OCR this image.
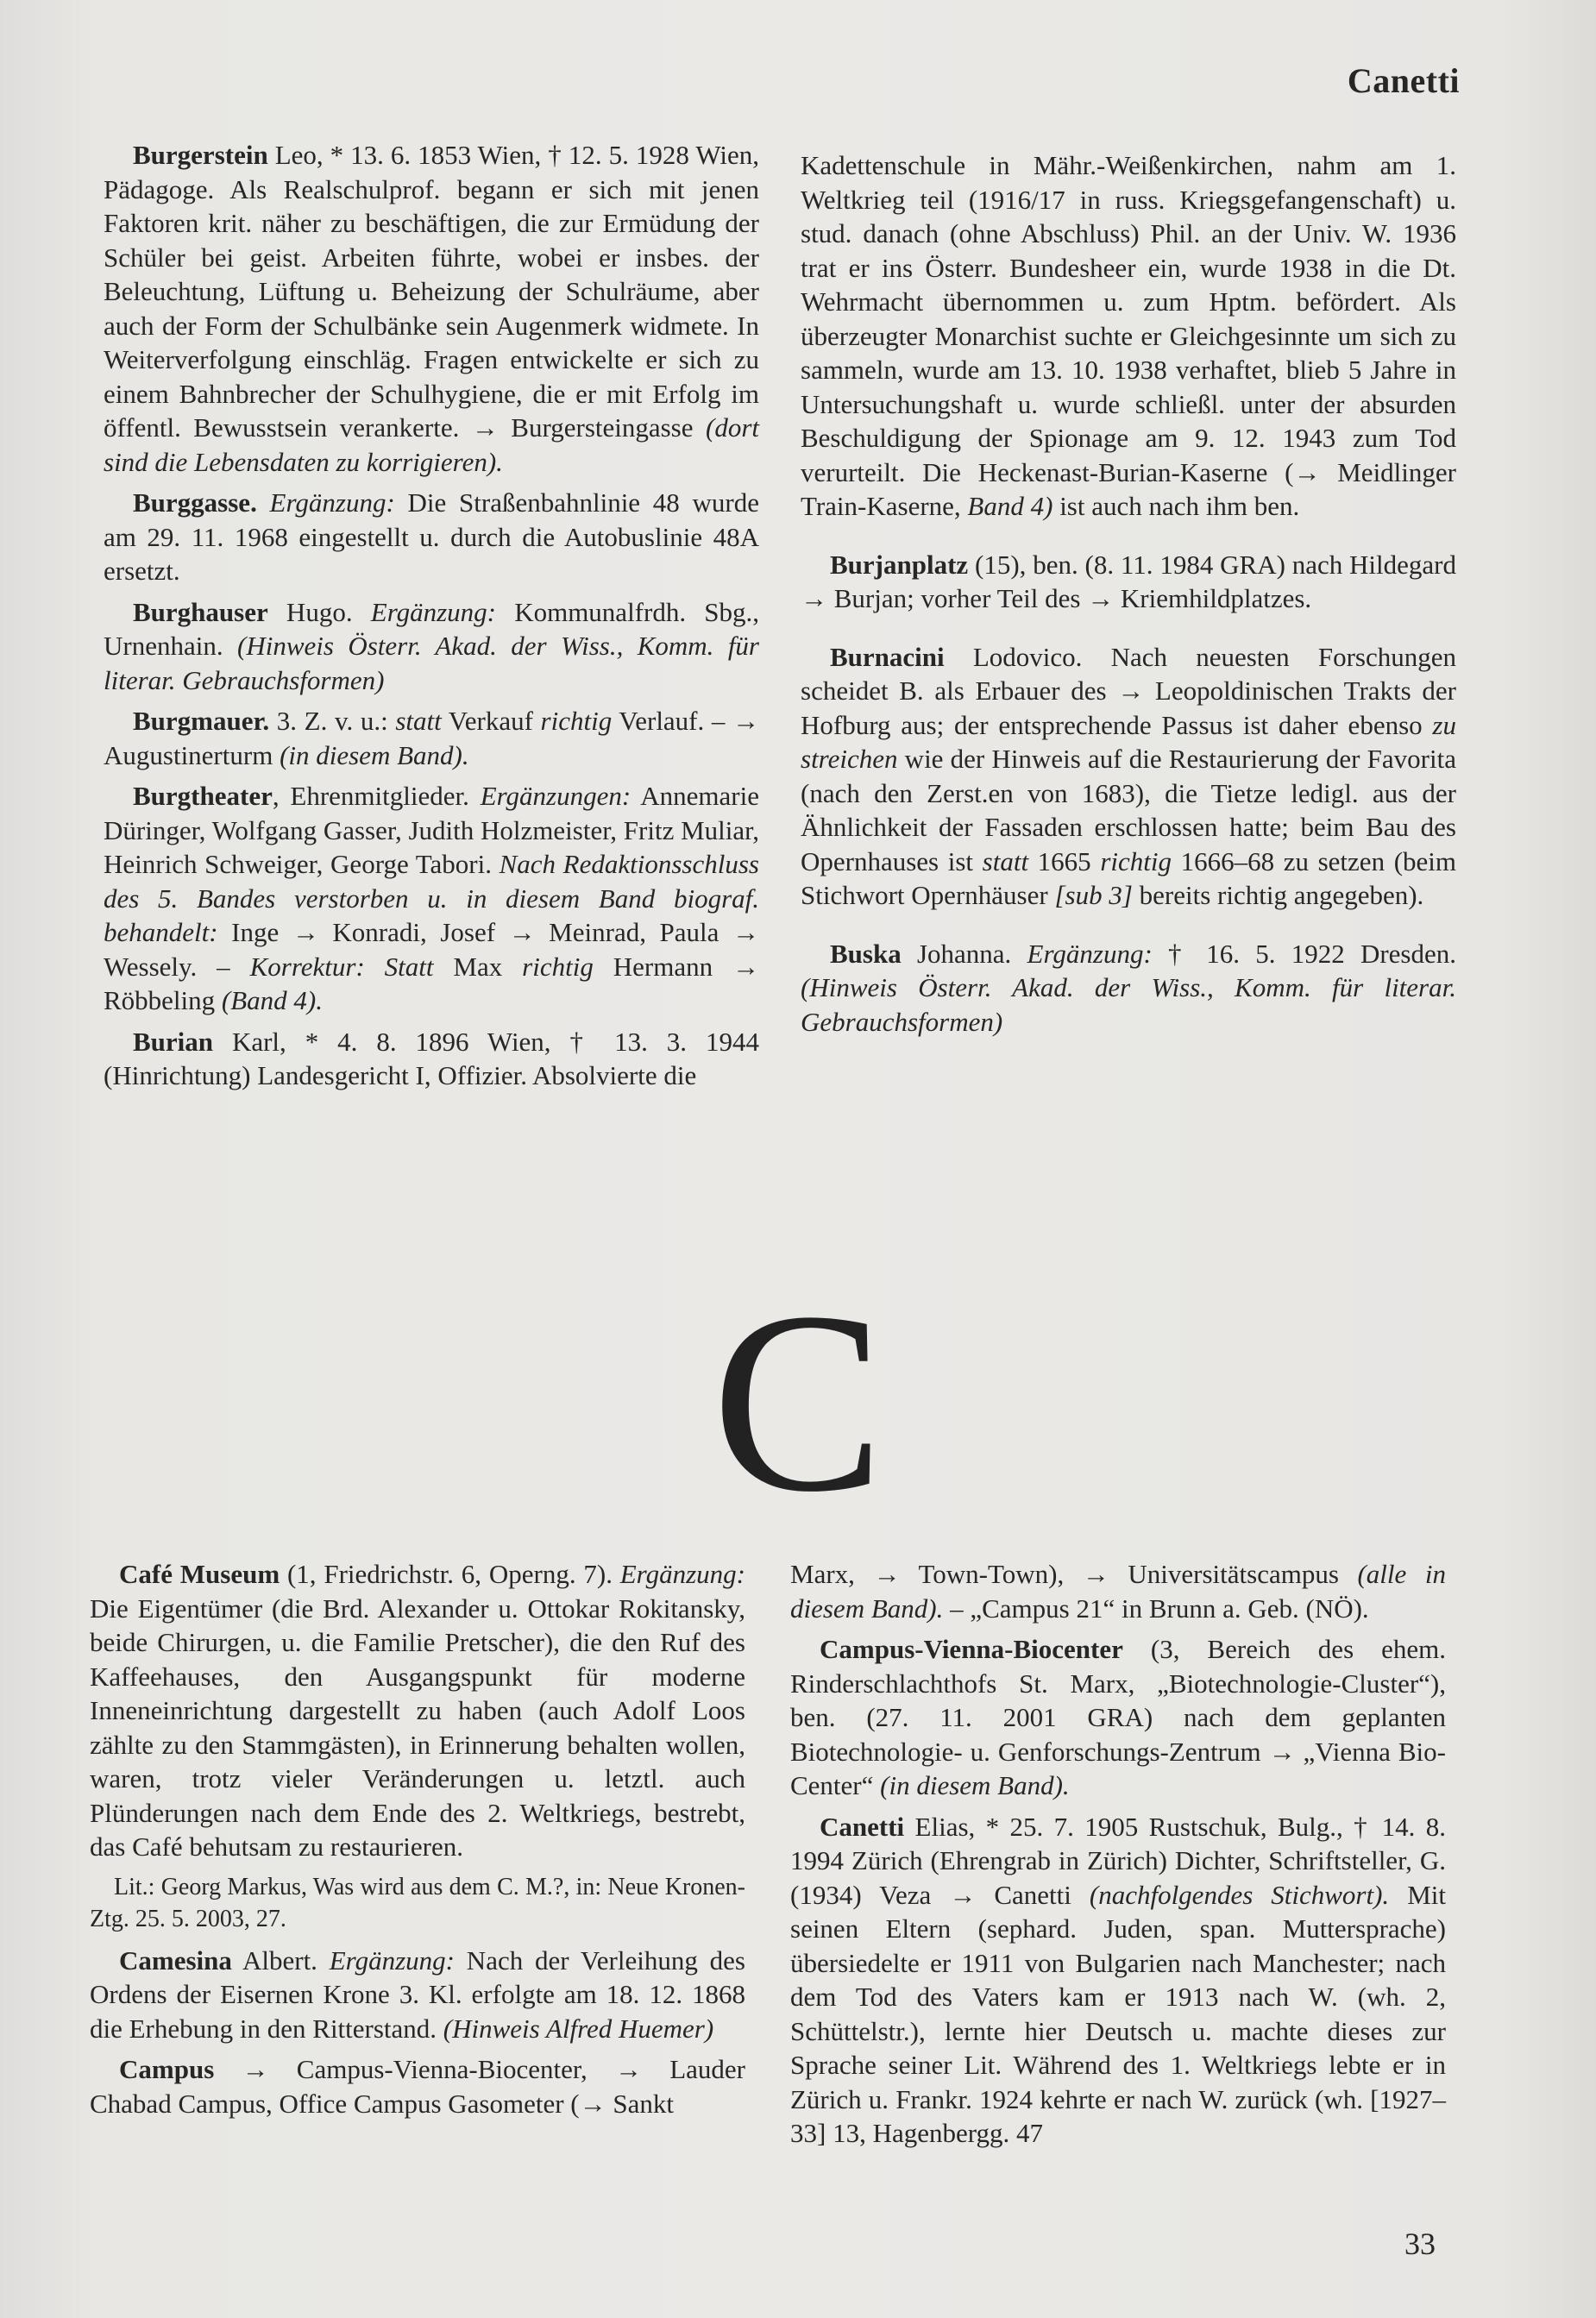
Canetti

Burgerstein Leo, * 13. 6. 1853 Wien, † 12. 5. 1928 Wien, Pädagoge. Als Realschulprof. begann er sich mit jenen Faktoren krit. näher zu beschäftigen, die zur Ermüdung der Schüler bei geist. Arbeiten führte, wobei er insbes. der Beleuchtung, Lüftung u. Beheizung der Schulräume, aber auch der Form der Schulbänke sein Augenmerk widmete. In Weiterverfolgung einschläg. Fragen entwickelte er sich zu einem Bahnbrecher der Schulhygiene, die er mit Erfolg im öffentl. Bewusstsein verankerte. → Burgersteingasse (dort sind die Lebensdaten zu korrigieren).

Burggasse. Ergänzung: Die Straßenbahnlinie 48 wurde am 29. 11. 1968 eingestellt u. durch die Autobuslinie 48A ersetzt.

Burghauser Hugo. Ergänzung: Kommunalfrdh. Sbg., Urnenhain. (Hinweis Österr. Akad. der Wiss., Komm. für literar. Gebrauchsformen)

Burgmauer. 3. Z. v. u.: statt Verkauf richtig Verlauf. – → Augustinerturm (in diesem Band).

Burgtheater, Ehrenmitglieder. Ergänzungen: Annemarie Düringer, Wolfgang Gasser, Judith Holzmeister, Fritz Muliar, Heinrich Schweiger, George Tabori. Nach Redaktionsschluss des 5. Bandes verstorben u. in diesem Band biograf. behandelt: Inge → Konradi, Josef → Meinrad, Paula → Wessely. – Korrektur: Statt Max richtig Hermann → Röbbeling (Band 4).

Burian Karl, * 4. 8. 1896 Wien, † 13. 3. 1944 (Hinrichtung) Landesgericht I, Offizier. Absolvierte die

Kadettenschule in Mähr.-Weißenkirchen, nahm am 1. Weltkrieg teil (1916/17 in russ. Kriegsgefangenschaft) u. stud. danach (ohne Abschluss) Phil. an der Univ. W. 1936 trat er ins Österr. Bundesheer ein, wurde 1938 in die Dt. Wehrmacht übernommen u. zum Hptm. befördert. Als überzeugter Monarchist suchte er Gleichgesinnte um sich zu sammeln, wurde am 13. 10. 1938 verhaftet, blieb 5 Jahre in Untersuchungshaft u. wurde schließl. unter der absurden Beschuldigung der Spionage am 9. 12. 1943 zum Tod verurteilt. Die Heckenast-Burian-Kaserne (→ Meidlinger Train-Kaserne, Band 4) ist auch nach ihm ben.

Burjanplatz (15), ben. (8. 11. 1984 GRA) nach Hildegard → Burjan; vorher Teil des → Kriemhildplatzes.

Burnacini Lodovico. Nach neuesten Forschungen scheidet B. als Erbauer des → Leopoldinischen Trakts der Hofburg aus; der entsprechende Passus ist daher ebenso zu streichen wie der Hinweis auf die Restaurierung der Favorita (nach den Zerst.en von 1683), die Tietze ledigl. aus der Ähnlichkeit der Fassaden erschlossen hatte; beim Bau des Opernhauses ist statt 1665 richtig 1666–68 zu setzen (beim Stichwort Opernhäuser [sub 3] bereits richtig angegeben).

Buska Johanna. Ergänzung: † 16. 5. 1922 Dresden. (Hinweis Österr. Akad. der Wiss., Komm. für literar. Gebrauchsformen)

C

Café Museum (1, Friedrichstr. 6, Operng. 7). Ergänzung: Die Eigentümer (die Brd. Alexander u. Ottokar Rokitansky, beide Chirurgen, u. die Familie Pretscher), die den Ruf des Kaffeehauses, den Ausgangspunkt für moderne Inneneinrichtung dargestellt zu haben (auch Adolf Loos zählte zu den Stammgästen), in Erinnerung behalten wollen, waren, trotz vieler Veränderungen u. letztl. auch Plünderungen nach dem Ende des 2. Weltkriegs, bestrebt, das Café behutsam zu restaurieren.

Lit.: Georg Markus, Was wird aus dem C. M.?, in: Neue Kronen-Ztg. 25. 5. 2003, 27.

Camesina Albert. Ergänzung: Nach der Verleihung des Ordens der Eisernen Krone 3. Kl. erfolgte am 18. 12. 1868 die Erhebung in den Ritterstand. (Hinweis Alfred Huemer)

Campus → Campus-Vienna-Biocenter, → Lauder Chabad Campus, Office Campus Gasometer (→ Sankt

Marx, → Town-Town), → Universitätscampus (alle in diesem Band). – „Campus 21“ in Brunn a. Geb. (NÖ).

Campus-Vienna-Biocenter (3, Bereich des ehem. Rinderschlachthofs St. Marx, „Biotechnologie-Cluster“), ben. (27. 11. 2001 GRA) nach dem geplanten Biotechnologie- u. Genforschungs-Zentrum → „Vienna Bio-Center“ (in diesem Band).

Canetti Elias, * 25. 7. 1905 Rustschuk, Bulg., † 14. 8. 1994 Zürich (Ehrengrab in Zürich) Dichter, Schriftsteller, G. (1934) Veza → Canetti (nachfolgendes Stichwort). Mit seinen Eltern (sephard. Juden, span. Muttersprache) übersiedelte er 1911 von Bulgarien nach Manchester; nach dem Tod des Vaters kam er 1913 nach W. (wh. 2, Schüttelstr.), lernte hier Deutsch u. machte dieses zur Sprache seiner Lit. Während des 1. Weltkriegs lebte er in Zürich u. Frankr. 1924 kehrte er nach W. zurück (wh. [1927–33] 13, Hagenbergg. 47

33
